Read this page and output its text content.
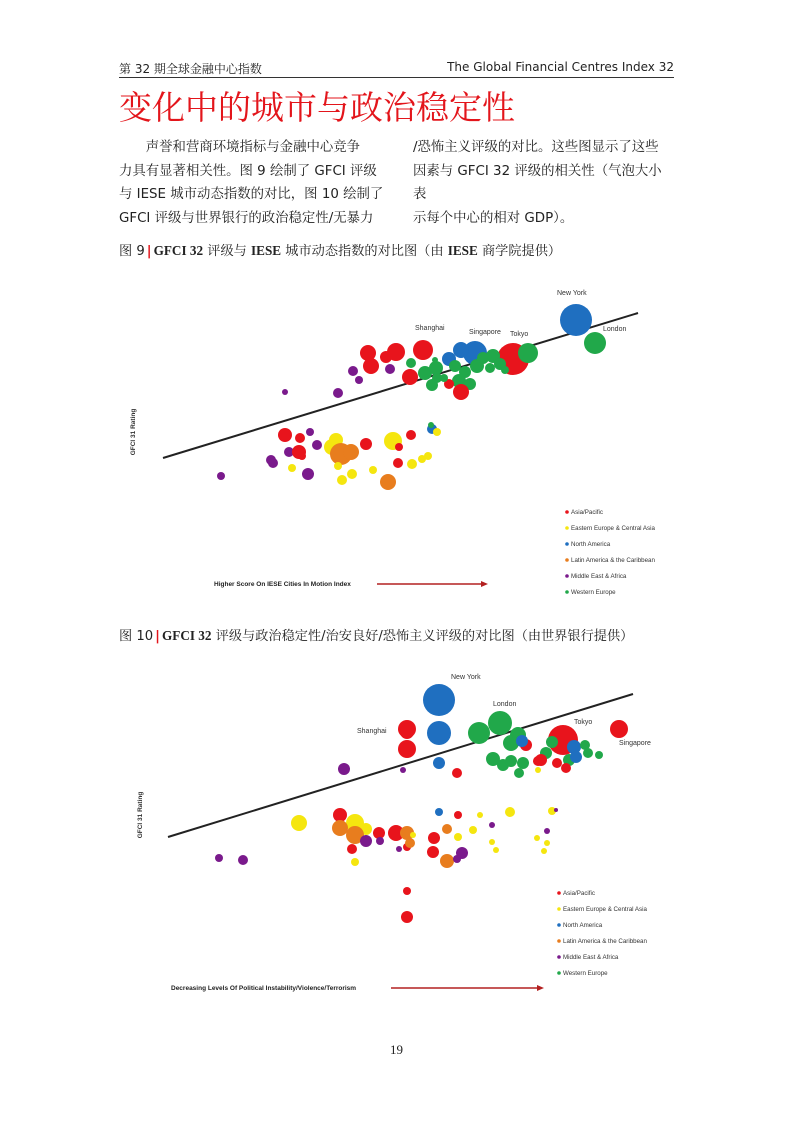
第 32 期全球金融中心指数	The Global Financial Centres Index 32
变化中的城市与政治稳定性
　　声誉和营商环境指标与金融中心竞争
力具有显著相关性。图 9 绘制了 GFCI 评级
与 IESE 城市动态指数的对比，图 10 绘制了
GFCI 评级与世界银行的政治稳定性/无暴力
/恐怖主义评级的对比。这些图显示了这些
因素与 GFCI 32 评级的相关性（气泡大小表
示每个中心的相对 GDP）。
图 9 | GFCI 32 评级与 IESE 城市动态指数的对比图（由 IESE 商学院提供）
GFCI 31 Rating
New York
Shanghai
Singapore Tokyo
London
Higher Score On IESE Cities In Motion Index
Asia/Pacific
Eastern Europe & Central Asia
North America
Latin America & the Caribbean
Middle East & Africa
Western Europe
图 10 | GFCI 32 评级与政治稳定性/治安良好/恐怖主义评级的对比图（由世界银行提供）
GFCI 31 Rating
New York
London
Shanghai
Tokyo
Singapore
Decreasing Levels Of Political Instability/Violence/Terrorism
Asia/Pacific
Eastern Europe & Central Asia
North America
Latin America & the Caribbean
Middle East & Africa
Western Europe
19
